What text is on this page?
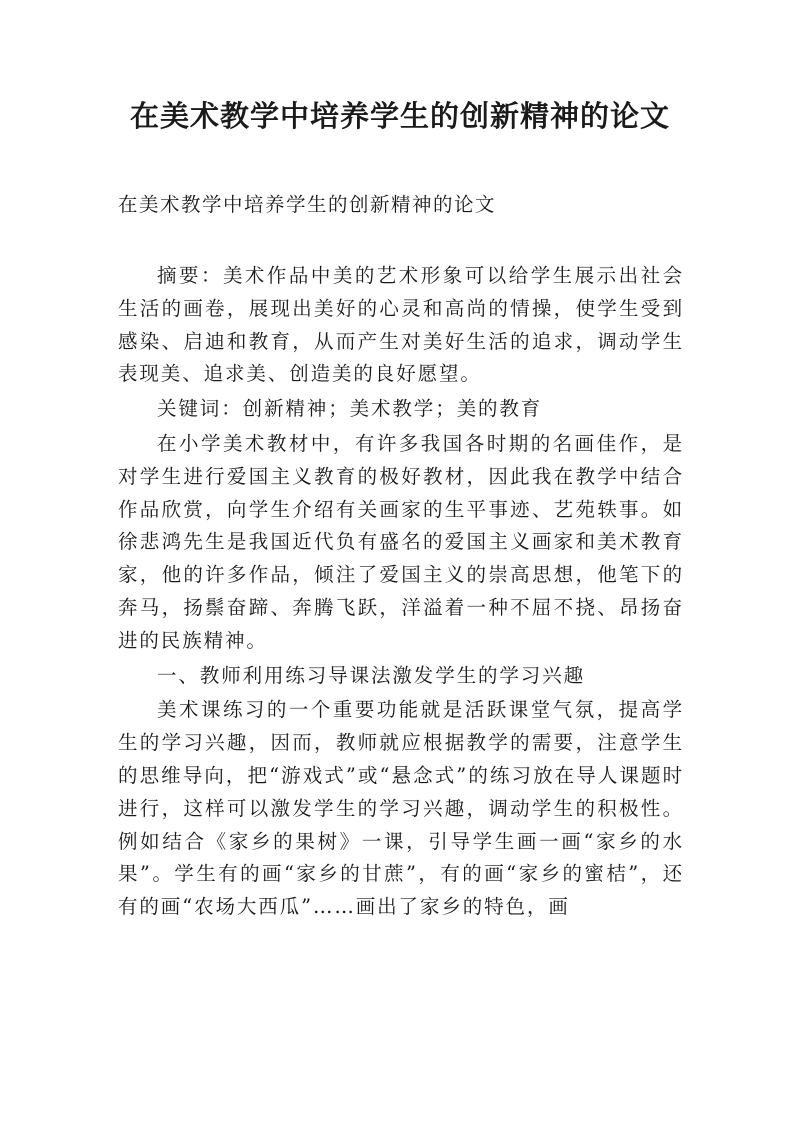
在美术教学中培养学生的创新精神的论文

在美术教学中培养学生的创新精神的论文

摘要：美术作品中美的艺术形象可以给学生展示出社会生活的画卷，展现出美好的心灵和高尚的情操，使学生受到感染、启迪和教育，从而产生对美好生活的追求，调动学生表现美、追求美、创造美的良好愿望。

关键词：创新精神；美术教学；美的教育

在小学美术教材中，有许多我国各时期的名画佳作，是对学生进行爱国主义教育的极好教材，因此我在教学中结合作品欣赏，向学生介绍有关画家的生平事迹、艺苑轶事。如徐悲鸿先生是我国近代负有盛名的爱国主义画家和美术教育家，他的许多作品，倾注了爱国主义的崇高思想，他笔下的奔马，扬鬃奋蹄、奔腾飞跃，洋溢着一种不屈不挠、昂扬奋进的民族精神。

一、教师利用练习导课法激发学生的学习兴趣

美术课练习的一个重要功能就是活跃课堂气氛，提高学生的学习兴趣，因而，教师就应根据教学的需要，注意学生的思维导向，把“游戏式”或“悬念式”的练习放在导人课题时进行，这样可以激发学生的学习兴趣，调动学生的积极性。例如结合《家乡的果树》一课，引导学生画一画“家乡的水果”。学生有的画“家乡的甘蔗”，有的画“家乡的蜜桔”，还有的画“农场大西瓜”……画出了家乡的特色，画
